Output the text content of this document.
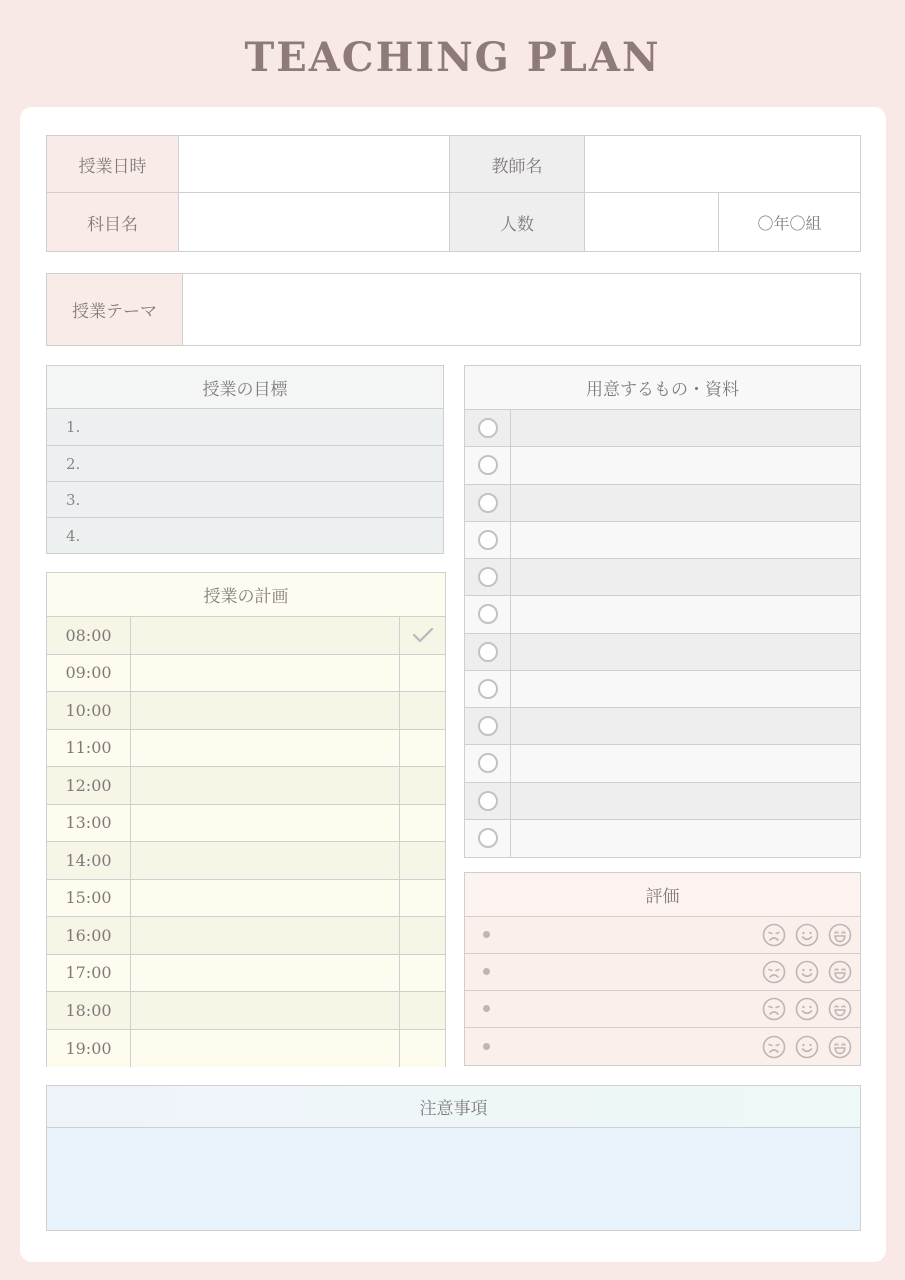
TEACHING PLAN
授業日時	教師名
科目名	人数	〇年〇組
授業テーマ
授業の目標
1.
2.
3.
4.
授業の計画
08:00
09:00
10:00
11:00
12:00
13:00
14:00
15:00
16:00
17:00
18:00
19:00
用意するもの・資料
評価
注意事項
